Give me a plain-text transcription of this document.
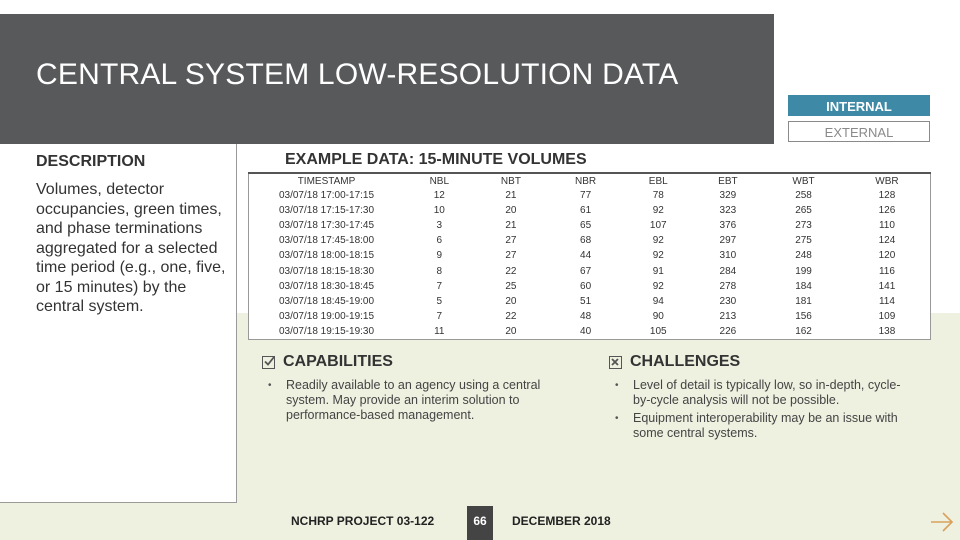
CENTRAL SYSTEM LOW-RESOLUTION DATA
INTERNAL
EXTERNAL
DESCRIPTION
Volumes, detector occupancies, green times, and phase terminations aggregated for a selected time period (e.g., one, five, or 15 minutes) by the central system.
EXAMPLE DATA: 15-MINUTE VOLUMES
TIMESTAMP	NBL	NBT	NBR	EBL	EBT	WBT	WBR
03/07/18 17:00-17:15	12	21	77	78	329	258	128
03/07/18 17:15-17:30	10	20	61	92	323	265	126
03/07/18 17:30-17:45	3	21	65	107	376	273	110
03/07/18 17:45-18:00	6	27	68	92	297	275	124
03/07/18 18:00-18:15	9	27	44	92	310	248	120
03/07/18 18:15-18:30	8	22	67	91	284	199	116
03/07/18 18:30-18:45	7	25	60	92	278	184	141
03/07/18 18:45-19:00	5	20	51	94	230	181	114
03/07/18 19:00-19:15	7	22	48	90	213	156	109
03/07/18 19:15-19:30	11	20	40	105	226	162	138
CAPABILITIES
• Readily available to an agency using a central system. May provide an interim solution to performance-based management.
CHALLENGES
• Level of detail is typically low, so in-depth, cycle-by-cycle analysis will not be possible.
• Equipment interoperability may be an issue with some central systems.
NCHRP PROJECT 03-122	66	DECEMBER 2018
